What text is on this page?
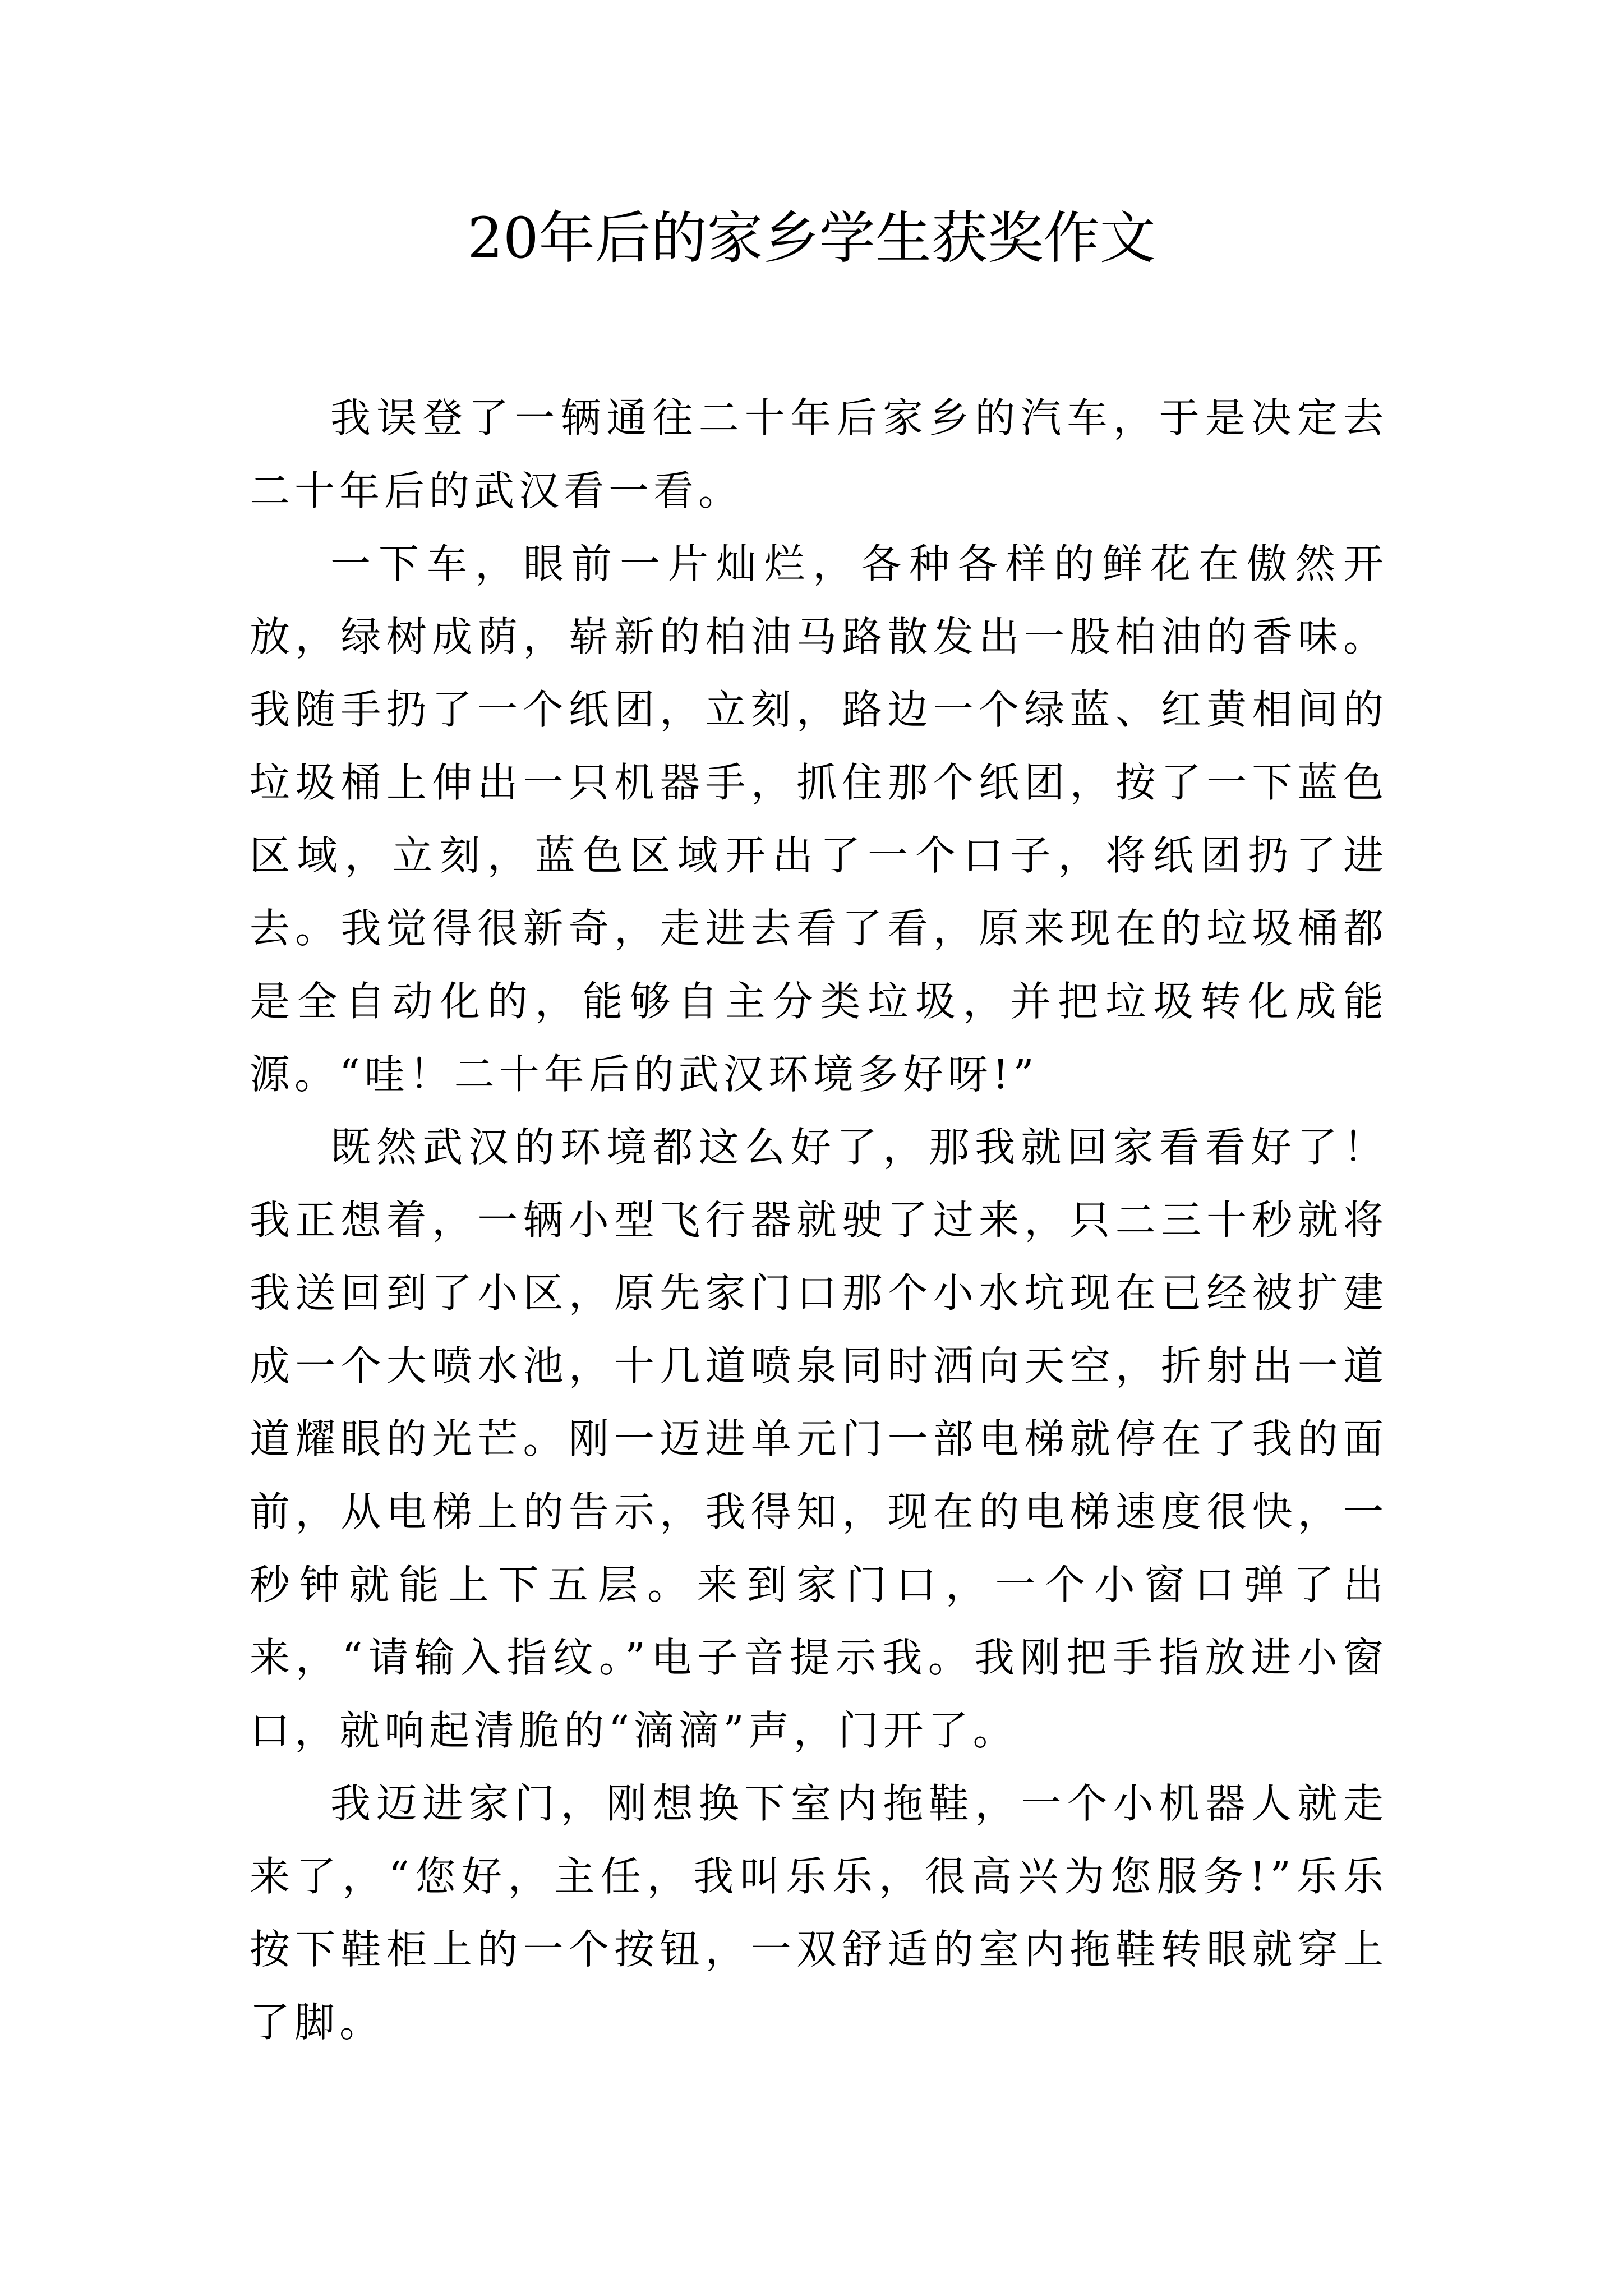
20年后的家乡学生获奖作文

我误登了一辆通往二十年后家乡的汽车，于是决定去二十年后的武汉看一看。

一下车，眼前一片灿烂，各种各样的鲜花在傲然开放，绿树成荫，崭新的柏油马路散发出一股柏油的香味。我随手扔了一个纸团，立刻，路边一个绿蓝、红黄相间的垃圾桶上伸出一只机器手，抓住那个纸团，按了一下蓝色区域，立刻，蓝色区域开出了一个口子，将纸团扔了进去。我觉得很新奇，走进去看了看，原来现在的垃圾桶都是全自动化的，能够自主分类垃圾，并把垃圾转化成能源。“哇！二十年后的武汉环境多好呀!”

既然武汉的环境都这么好了，那我就回家看看好了！我正想着，一辆小型飞行器就驶了过来，只二三十秒就将我送回到了小区，原先家门口那个小水坑现在已经被扩建成一个大喷水池，十几道喷泉同时洒向天空，折射出一道道耀眼的光芒。刚一迈进单元门一部电梯就停在了我的面前，从电梯上的告示，我得知，现在的电梯速度很快，一秒钟就能上下五层。来到家门口，一个小窗口弹了出来，“请输入指纹。”电子音提示我。我刚把手指放进小窗口，就响起清脆的“滴滴”声，门开了。

我迈进家门，刚想换下室内拖鞋，一个小机器人就走来了，“您好，主任，我叫乐乐，很高兴为您服务!”乐乐按下鞋柜上的一个按钮，一双舒适的室内拖鞋转眼就穿上了脚。
